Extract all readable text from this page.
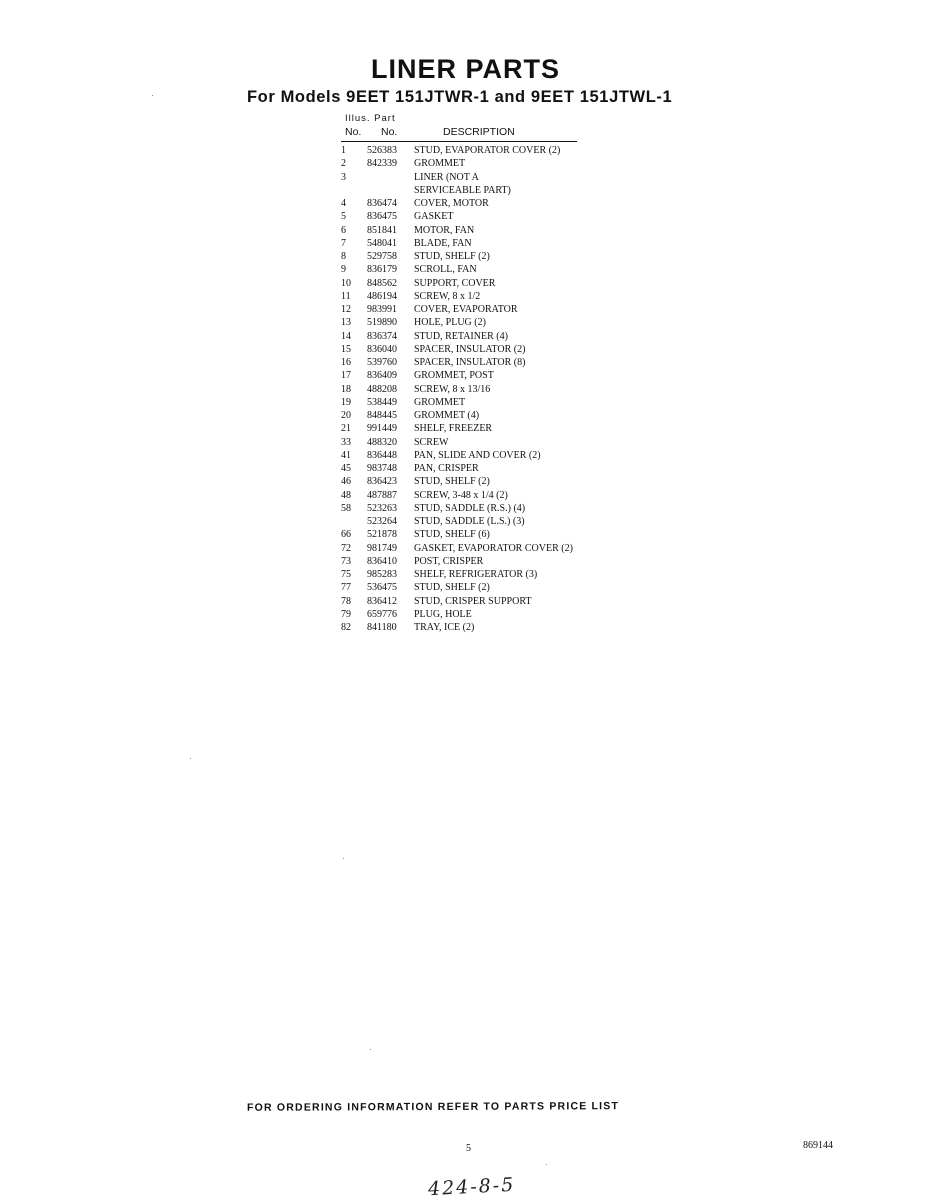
LINER PARTS
For Models 9EET 151JTWR-1 and 9EET 151JTWL-1
Illus. Part
No. No.	DESCRIPTION
1	526383 STUD, EVAPORATOR COVER (2)
2	842339 GROMMET
3	LINER (NOT A
SERVICEABLE PART)
4	836474 COVER, MOTOR
5	836475 GASKET
6	851841 MOTOR, FAN
7	548041 BLADE, FAN
8	529758 STUD, SHELF (2)
9	836179 SCROLL, FAN
10	848562 SUPPORT, COVER
11	486194 SCREW, 8 x 1/2
12	983991 COVER, EVAPORATOR
13	519890 HOLE, PLUG (2)
14	836374 STUD, RETAINER (4)
15	836040 SPACER, INSULATOR (2)
16	539760 SPACER, INSULATOR (8)
17	836409 GROMMET, POST
18	488208 SCREW, 8 x 13/16
19	538449 GROMMET
20	848445 GROMMET (4)
21	991449 SHELF, FREEZER
33	488320 SCREW
41	836448 PAN, SLIDE AND COVER (2)
45	983748 PAN, CRISPER
46	836423 STUD, SHELF (2)
48	487887 SCREW, 3-48 x 1/4 (2)
58	523263 STUD, SADDLE (R.S.) (4)
523264 STUD, SADDLE (L.S.) (3)
66	521878 STUD, SHELF (6)
72	981749 GASKET, EVAPORATOR COVER (2)
73	836410 POST, CRISPER
75	985283 SHELF, REFRIGERATOR (3)
77	536475 STUD, SHELF (2)
78	836412 STUD, CRISPER SUPPORT
79	659776 PLUG, HOLE
82	841180 TRAY, ICE (2)
FOR ORDERING INFORMATION REFER TO PARTS PRICE LIST
5	869144
424-8-5
